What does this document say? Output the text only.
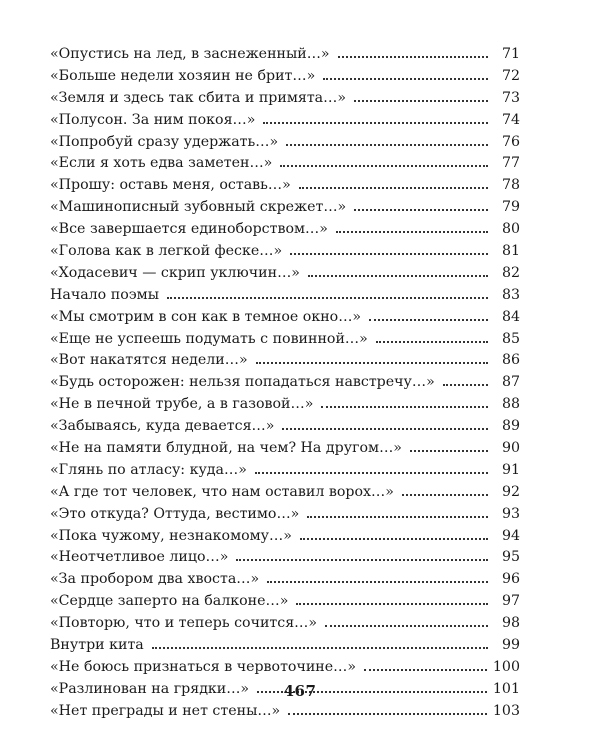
«Опустись на лед, в заснеженный…»	71
«Больше недели хозяин не брит…»	72
«Земля и здесь так сбита и примята…»	73
«Полусон. За ним покоя…»	74
«Попробуй сразу удержать…»	76
«Если я хоть едва заметен…»	77
«Прошу: оставь меня, оставь…»	78
«Машинописный зубовный скрежет…»	79
«Все завершается единоборством…»	80
«Голова как в легкой феске…»	81
«Ходасевич — скрип уключин…»	82
Начало поэмы	83
«Мы смотрим в сон как в темное окно…»	84
«Еще не успеешь подумать с повинной…»	85
«Вот накатятся недели…»	86
«Будь осторожен: нельзя попадаться навстречу…»	87
«Не в печной трубе, а в газовой…»	88
«Забываясь, куда девается…»	89
«Не на памяти блудной, на чем? На другом…»	90
«Глянь по атласу: куда…»	91
«А где тот человек, что нам оставил ворох…»	92
«Это откуда? Оттуда, вестимо…»	93
«Пока чужому, незнакомому…»	94
«Неотчетливое лицо…»	95
«За пробором два хвоста…»	96
«Сердце заперто на балконе…»	97
«Повторю, что и теперь сочится…»	98
Внутри кита	99
«Не боюсь признаться в червоточине…»	100
«Разлинован на грядки…»	101
«Нет преграды и нет стены…»	103
467
